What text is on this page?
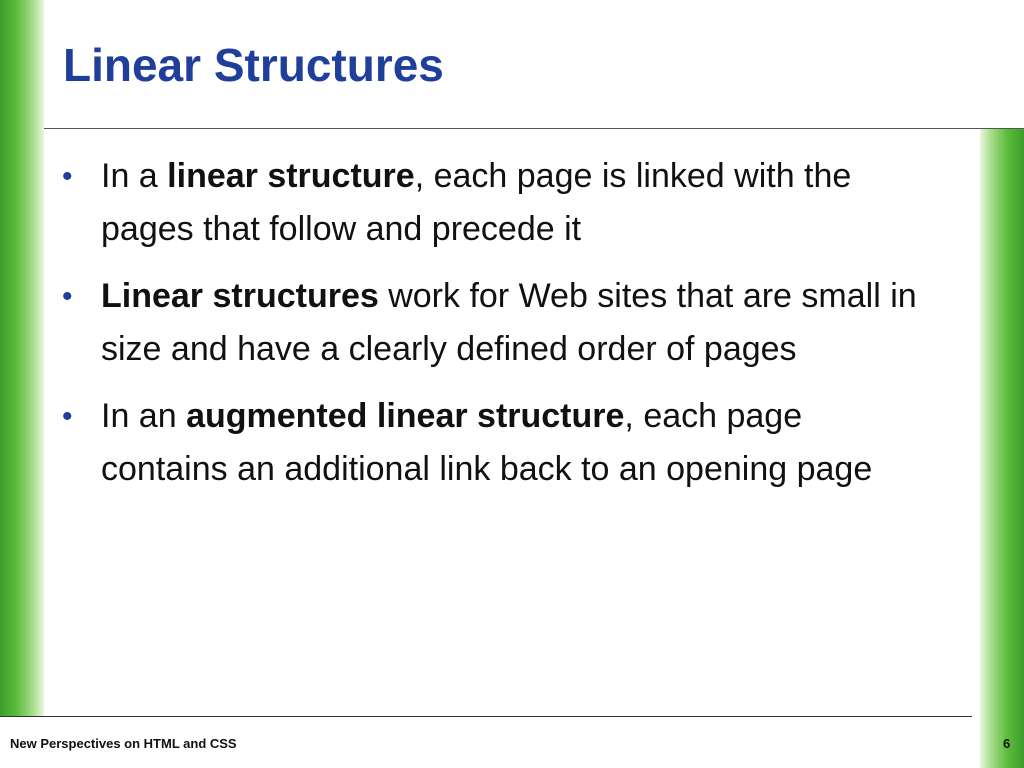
Linear Structures
• In a linear structure, each page is linked with the pages that follow and precede it
• Linear structures work for Web sites that are small in size and have a clearly defined order of pages
• In an augmented linear structure, each page contains an additional link back to an opening page
New Perspectives on HTML and CSS	6
